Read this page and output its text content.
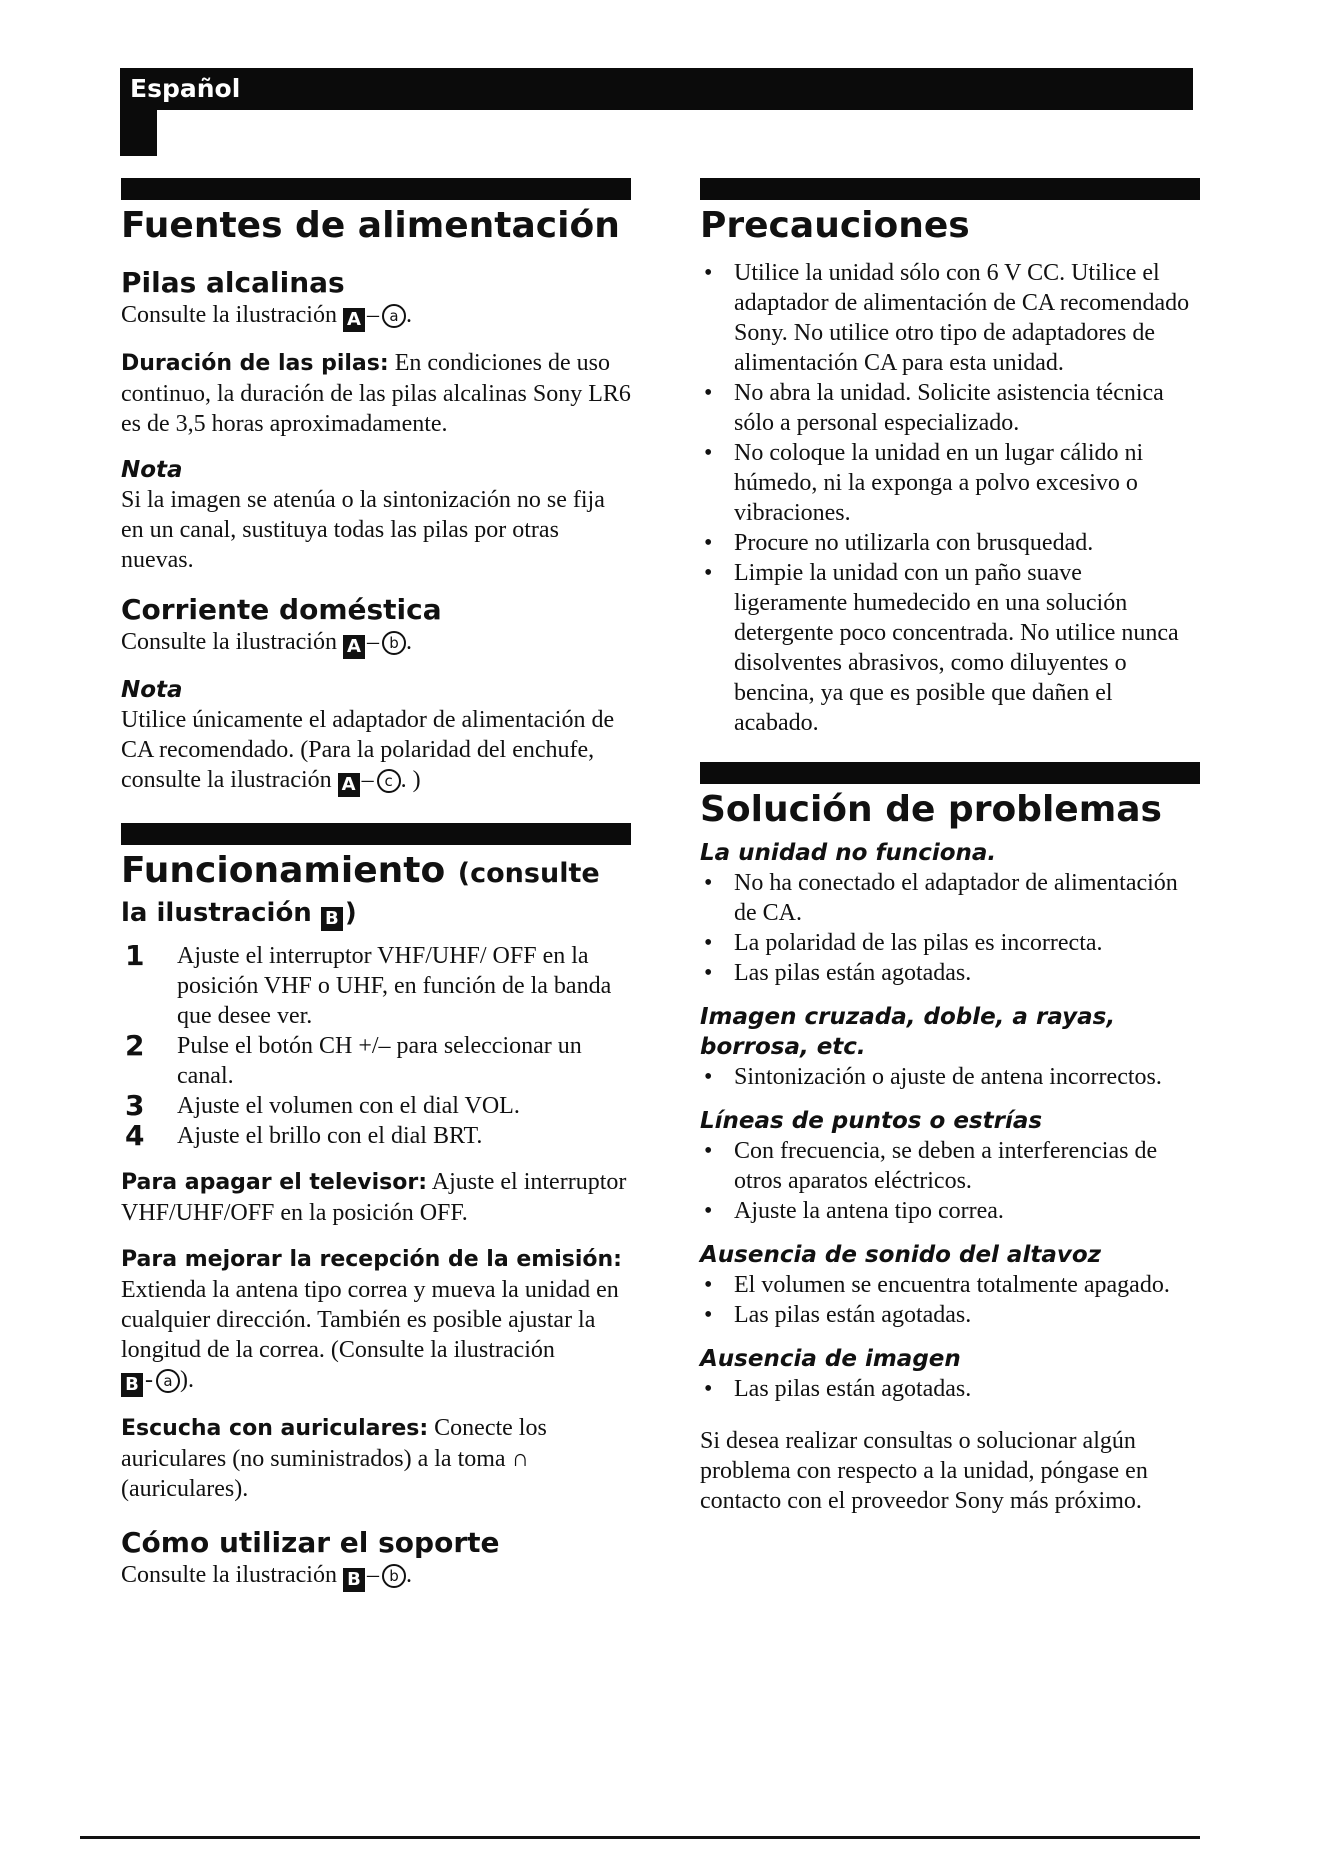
Español
Fuentes de alimentación
Pilas alcalinas

Consulte la ilustración A – a .

Duración de las pilas: En condiciones de uso continuo, la duración de las pilas alcalinas Sony LR6 es de 3,5 horas aproximadamente.

Nota

Si la imagen se atenúa o la sintonización no se fija en un canal, sustituya todas las pilas por otras nuevas.

Corriente doméstica

Consulte la ilustración A – b .

Nota

Utilice únicamente el adaptador de alimentación de CA recomendado. (Para la polaridad del enchufe, consulte la ilustración A – c . )

Funcionamiento (consulte
la ilustración B )
1 Ajuste el interruptor VHF/UHF/ OFF en la posición VHF o UHF, en función de la banda que desee ver.
2 Pulse el botón CH +/– para seleccionar un canal.
3 Ajuste el volumen con el dial VOL.
4 Ajuste el brillo con el dial BRT.

Para apagar el televisor: Ajuste el interruptor VHF/UHF/OFF en la posición OFF.

Para mejorar la recepción de la emisión: Extienda la antena tipo correa y mueva la unidad en cualquier dirección. También es posible ajustar la longitud de la correa. (Consulte la ilustración B - a ).

Escucha con auriculares: Conecte los auriculares (no suministrados) a la toma ∩ (auriculares).

Cómo utilizar el soporte

Consulte la ilustración B – b .

Precauciones
• Utilice la unidad sólo con 6 V CC. Utilice el adaptador de alimentación de CA recomendado Sony. No utilice otro tipo de adaptadores de alimentación CA para esta unidad.
• No abra la unidad. Solicite asistencia técnica sólo a personal especializado.
• No coloque la unidad en un lugar cálido ni húmedo, ni la exponga a polvo excesivo o vibraciones.
• Procure no utilizarla con brusquedad.
• Limpie la unidad con un paño suave ligeramente humedecido en una solución detergente poco concentrada. No utilice nunca disolventes abrasivos, como diluyentes o bencina, ya que es posible que dañen el acabado.
Solución de problemas
La unidad no funciona.
• No ha conectado el adaptador de alimentación de CA.
• La polaridad de las pilas es incorrecta.
• Las pilas están agotadas.
Imagen cruzada, doble, a rayas, borrosa, etc.
• Sintonización o ajuste de antena incorrectos.
Líneas de puntos o estrías
• Con frecuencia, se deben a interferencias de otros aparatos eléctricos.
• Ajuste la antena tipo correa.
Ausencia de sonido del altavoz
• El volumen se encuentra totalmente apagado.
• Las pilas están agotadas.
Ausencia de imagen
• Las pilas están agotadas.

Si desea realizar consultas o solucionar algún problema con respecto a la unidad, póngase en contacto con el proveedor Sony más próximo.
